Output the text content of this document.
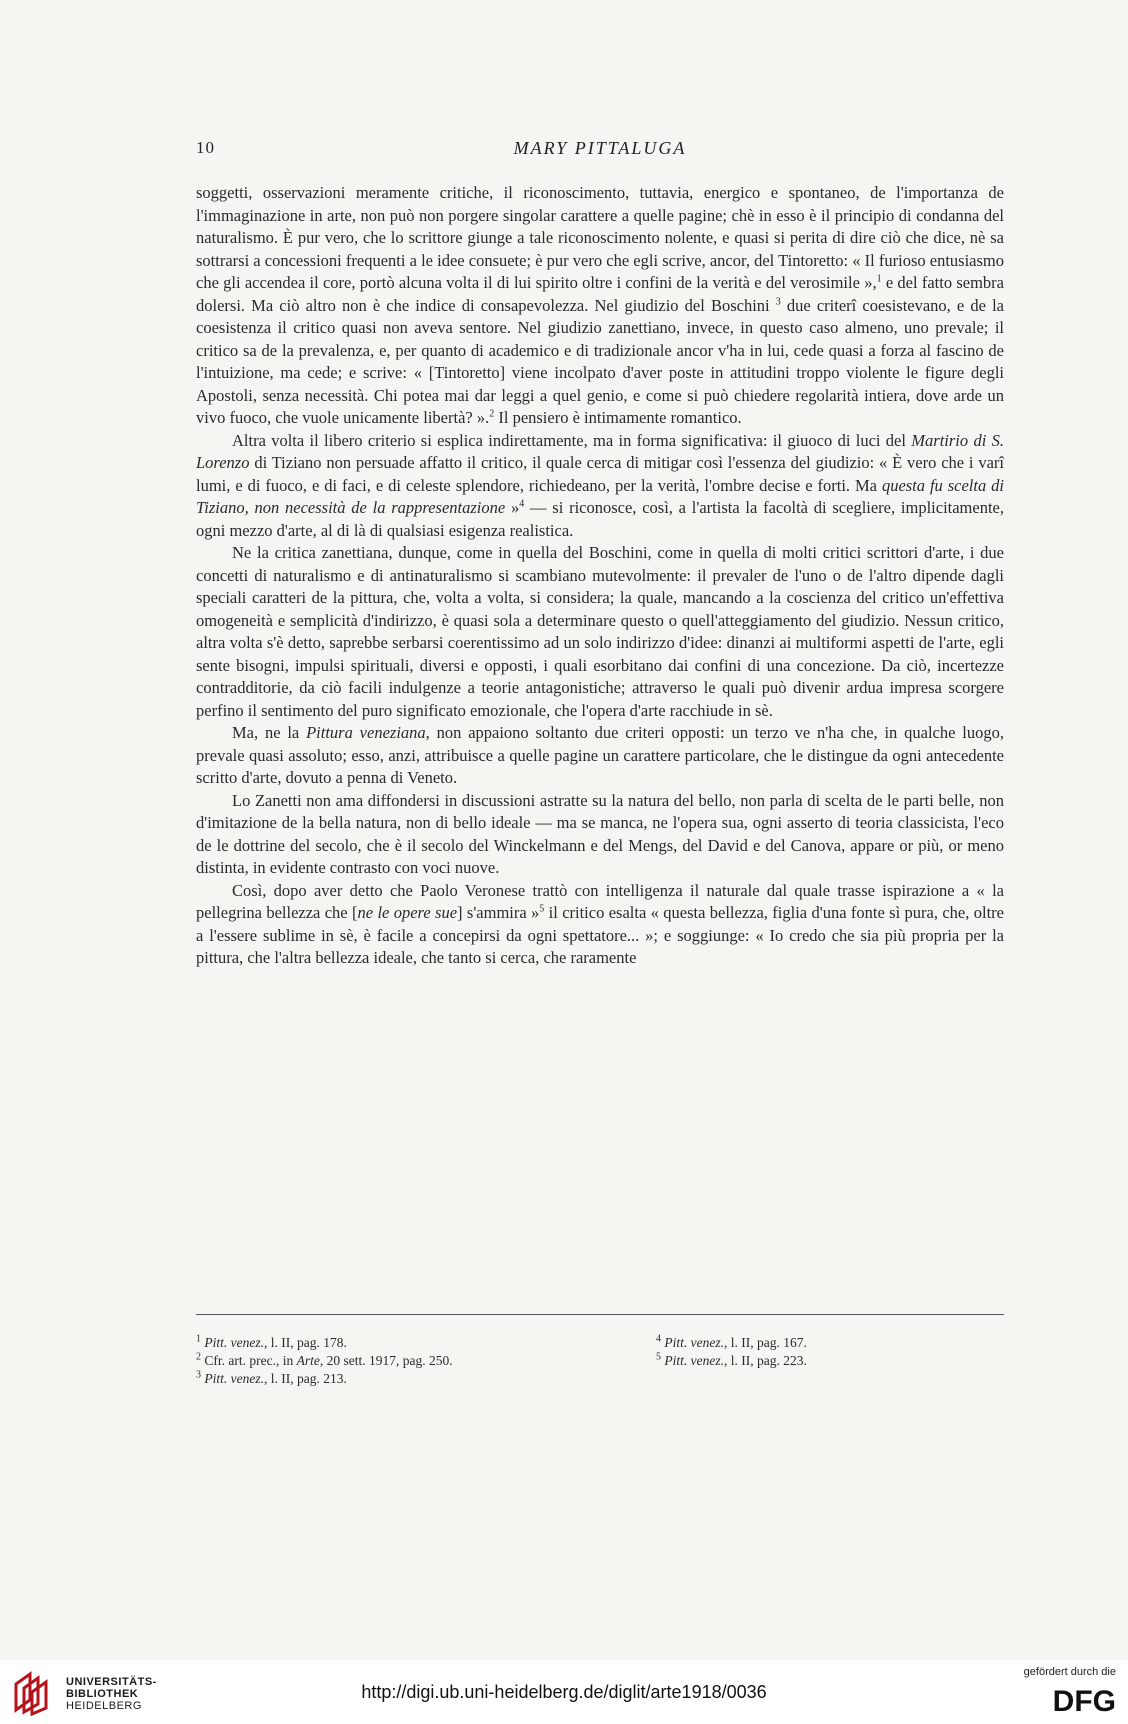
10	MARY PITTALUGA

soggetti, osservazioni meramente critiche, il riconoscimento, tuttavia, energico e spontaneo, de l'importanza de l'immaginazione in arte, non può non porgere singolar carattere a quelle pagine; chè in esso è il principio di condanna del naturalismo. È pur vero, che lo scrittore giunge a tale riconoscimento nolente, e quasi si perita di dire ciò che dice, nè sa sottrarsi a concessioni frequenti a le idee consuete; è pur vero che egli scrive, ancor, del Tintoretto: « Il furioso entusiasmo che gli accendea il core, portò alcuna volta il di lui spirito oltre i confini de la verità e del verosimile »,$^1$ e del fatto sembra dolersi. Ma ciò altro non è che indice di consapevolezza. Nel giudizio del Boschini $^3$ due criterî coesistevano, e de la coesistenza il critico quasi non aveva sentore. Nel giudizio zanettiano, invece, in questo caso almeno, uno prevale; il critico sa de la prevalenza, e, per quanto di academico e di tradizionale ancor v'ha in lui, cede quasi a forza al fascino de l'intuizione, ma cede; e scrive: « [Tintoretto] viene incolpato d'aver poste in attitudini troppo violente le figure degli Apostoli, senza necessità. Chi potea mai dar leggi a quel genio, e come si può chiedere regolarità intiera, dove arde un vivo fuoco, che vuole unicamente libertà? ».$^2$ Il pensiero è intimamente romantico.

Altra volta il libero criterio si esplica indirettamente, ma in forma significativa: il giuoco di luci del Martirio di S. Lorenzo di Tiziano non persuade affatto il critico, il quale cerca di mitigar così l'essenza del giudizio: « È vero che i varî lumi, e di fuoco, e di faci, e di celeste splendore, richiedeano, per la verità, l'ombre decise e forti. Ma questa fu scelta di Tiziano, non necessità de la rappresentazione »$^4$ — si riconosce, così, a l'artista la facoltà di scegliere, implicitamente, ogni mezzo d'arte, al di là di qualsiasi esigenza realistica.

Ne la critica zanettiana, dunque, come in quella del Boschini, come in quella di molti critici scrittori d'arte, i due concetti di naturalismo e di antinaturalismo si scambiano mutevolmente: il prevaler de l'uno o de l'altro dipende dagli speciali caratteri de la pittura, che, volta a volta, si considera; la quale, mancando a la coscienza del critico un'effettiva omogeneità e semplicità d'indirizzo, è quasi sola a determinare questo o quell'atteggiamento del giudizio. Nessun critico, altra volta s'è detto, saprebbe serbarsi coerentissimo ad un solo indirizzo d'idee: dinanzi ai multiformi aspetti de l'arte, egli sente bisogni, impulsi spirituali, diversi e opposti, i quali esorbitano dai confini di una concezione. Da ciò, incertezze contradditorie, da ciò facili indulgenze a teorie antagonistiche; attraverso le quali può divenir ardua impresa scorgere perfino il sentimento del puro significato emozionale, che l'opera d'arte racchiude in sè.

Ma, ne la Pittura veneziana, non appaiono soltanto due criteri opposti: un terzo ve n'ha che, in qualche luogo, prevale quasi assoluto; esso, anzi, attribuisce a quelle pagine un carattere particolare, che le distingue da ogni antecedente scritto d'arte, dovuto a penna di Veneto.

Lo Zanetti non ama diffondersi in discussioni astratte su la natura del bello, non parla di scelta de le parti belle, non d'imitazione de la bella natura, non di bello ideale — ma se manca, ne l'opera sua, ogni asserto di teoria classicista, l'eco de le dottrine del secolo, che è il secolo del Winckelmann e del Mengs, del David e del Canova, appare or più, or meno distinta, in evidente contrasto con voci nuove.

Così, dopo aver detto che Paolo Veronese trattò con intelligenza il naturale dal quale trasse ispirazione a « la pellegrina bellezza che [ne le opere sue] s'ammira »$^5$ il critico esalta « questa bellezza, figlia d'una fonte sì pura, che, oltre a l'essere sublime in sè, è facile a concepirsi da ogni spettatore... »; e soggiunge: « Io credo che sia più propria per la pittura, che l'altra bellezza ideale, che tanto si cerca, che raramente

$^1$ Pitt. venez., l. II, pag. 178.
$^2$ Cfr. art. prec., in Arte, 20 sett. 1917, pag. 250.
$^3$ Pitt. venez., l. II, pag. 213.
$^4$ Pitt. venez., l. II, pag. 167.
$^5$ Pitt. venez., l. II, pag. 223.
UNIVERSITÄTS-
BIBLIOTHEK
HEIDELBERG
http://digi.ub.uni-heidelberg.de/diglit/arte1918/0036
gefördert durch die
DFG
